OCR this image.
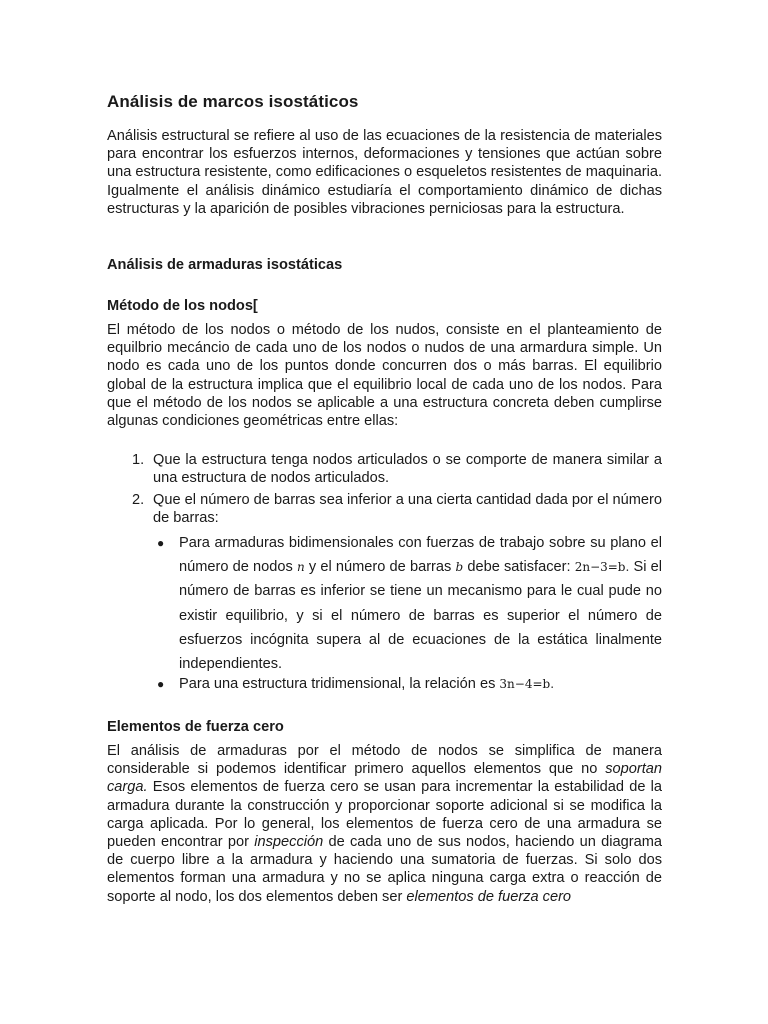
Análisis de marcos isostáticos

Análisis estructural se refiere al uso de las ecuaciones de la resistencia de materiales para encontrar los esfuerzos internos, deformaciones y tensiones que actúan sobre una estructura resistente, como edificaciones o esqueletos resistentes de maquinaria. Igualmente el análisis dinámico estudiaría el comportamiento dinámico de dichas estructuras y la aparición de posibles vibraciones perniciosas para la estructura.

Análisis de armaduras isostáticas
Método de los nodos[

El método de los nodos o método de los nudos, consiste en el planteamiento de equilbrio mecáncio de cada uno de los nodos o nudos de una armardura simple. Un nodo es cada uno de los puntos donde concurren dos o más barras. El equilibrio global de la estructura implica que el equilibrio local de cada uno de los nodos. Para que el método de los nodos se aplicable a una estructura concreta deben cumplirse algunas condiciones geométricas entre ellas:

1. Que la estructura tenga nodos articulados o se comporte de manera similar a una estructura de nodos articulados.
2. Que el número de barras sea inferior a una cierta cantidad dada por el número de barras:
● Para armaduras bidimensionales con fuerzas de trabajo sobre su plano el número de nodos n y el número de barras b debe satisfacer: 2n−3=b. Si el número de barras es inferior se tiene un mecanismo para le cual pude no existir equilibrio, y si el número de barras es superior el número de esfuerzos incógnita supera al de ecuaciones de la estática linalmente independientes.
● Para una estructura tridimensional, la relación es 3n−4=b.
Elementos de fuerza cero

El análisis de armaduras por el método de nodos se simplifica de manera considerable si podemos identificar primero aquellos elementos que no soportan carga. Esos elementos de fuerza cero se usan para incrementar la estabilidad de la armadura durante la construcción y proporcionar soporte adicional si se modifica la carga aplicada. Por lo general, los elementos de fuerza cero de una armadura se pueden encontrar por inspección de cada uno de sus nodos, haciendo un diagrama de cuerpo libre a la armadura y haciendo una sumatoria de fuerzas. Si solo dos elementos forman una armadura y no se aplica ninguna carga extra o reacción de soporte al nodo, los dos elementos deben ser elementos de fuerza cero
